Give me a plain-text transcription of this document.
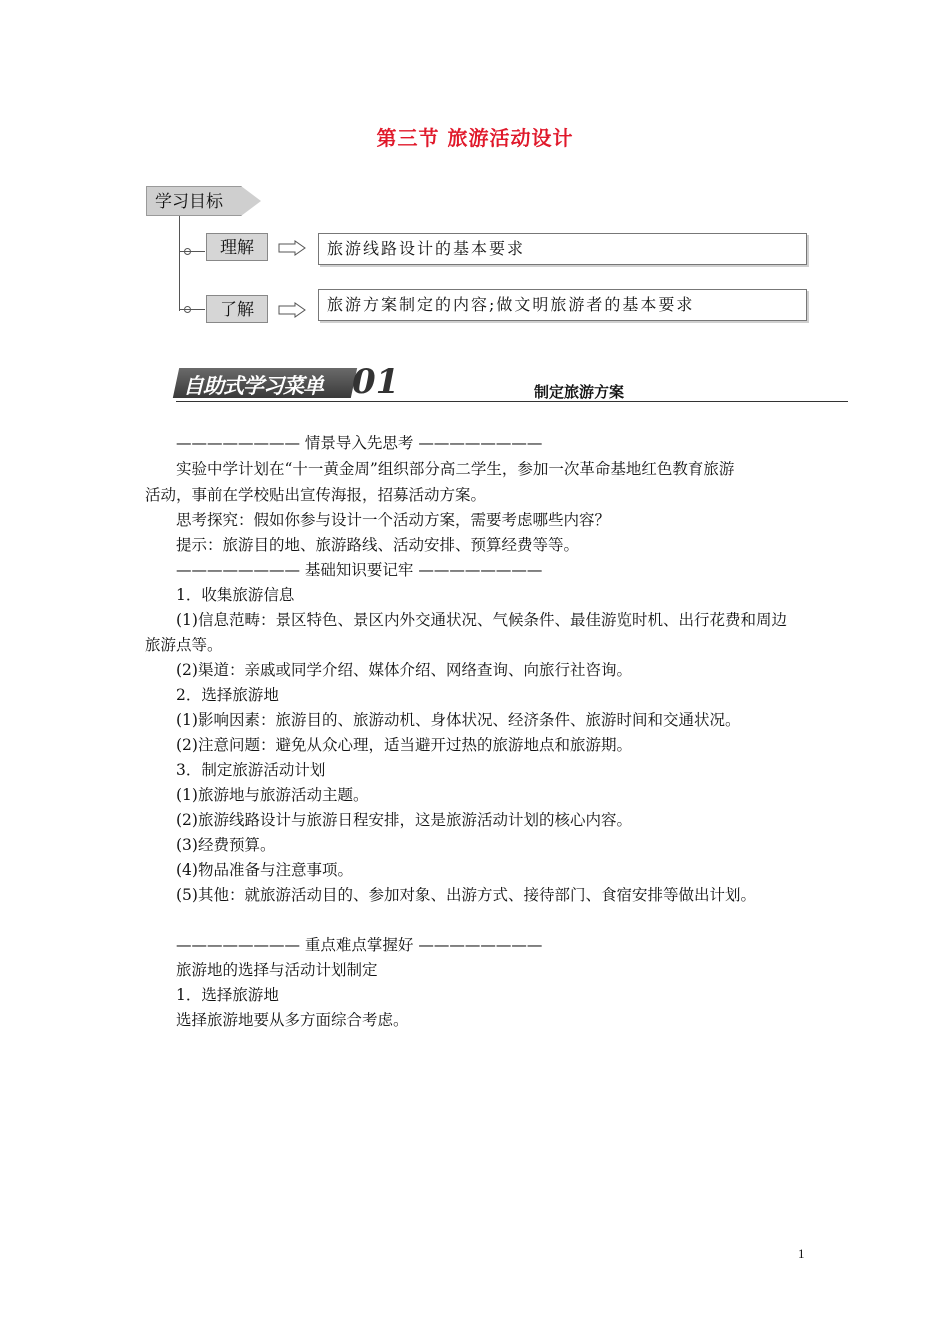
第三节 旅游活动设计
学习目标
理解	旅游线路设计的基本要求
了解	旅游方案制定的内容;做文明旅游者的基本要求
自助式学习菜单 01	制定旅游方案
———————— 情景导入先思考 ————————
实验中学计划在“十一黄金周”组织部分高二学生，参加一次革命基地红色教育旅游
活动，事前在学校贴出宣传海报，招募活动方案。
思考探究：假如你参与设计一个活动方案，需要考虑哪些内容？
提示：旅游目的地、旅游路线、活动安排、预算经费等等。
———————— 基础知识要记牢 ————————
1．收集旅游信息
(1)信息范畴：景区特色、景区内外交通状况、气候条件、最佳游览时机、出行花费和周边
旅游点等。
(2)渠道：亲戚或同学介绍、媒体介绍、网络查询、向旅行社咨询。
2．选择旅游地
(1)影响因素：旅游目的、旅游动机、身体状况、经济条件、旅游时间和交通状况。
(2)注意问题：避免从众心理，适当避开过热的旅游地点和旅游期。
3．制定旅游活动计划
(1)旅游地与旅游活动主题。
(2)旅游线路设计与旅游日程安排，这是旅游活动计划的核心内容。
(3)经费预算。
(4)物品准备与注意事项。
(5)其他：就旅游活动目的、参加对象、出游方式、接待部门、食宿安排等做出计划。
———————— 重点难点掌握好 ————————
旅游地的选择与活动计划制定
1．选择旅游地
选择旅游地要从多方面综合考虑。
1
